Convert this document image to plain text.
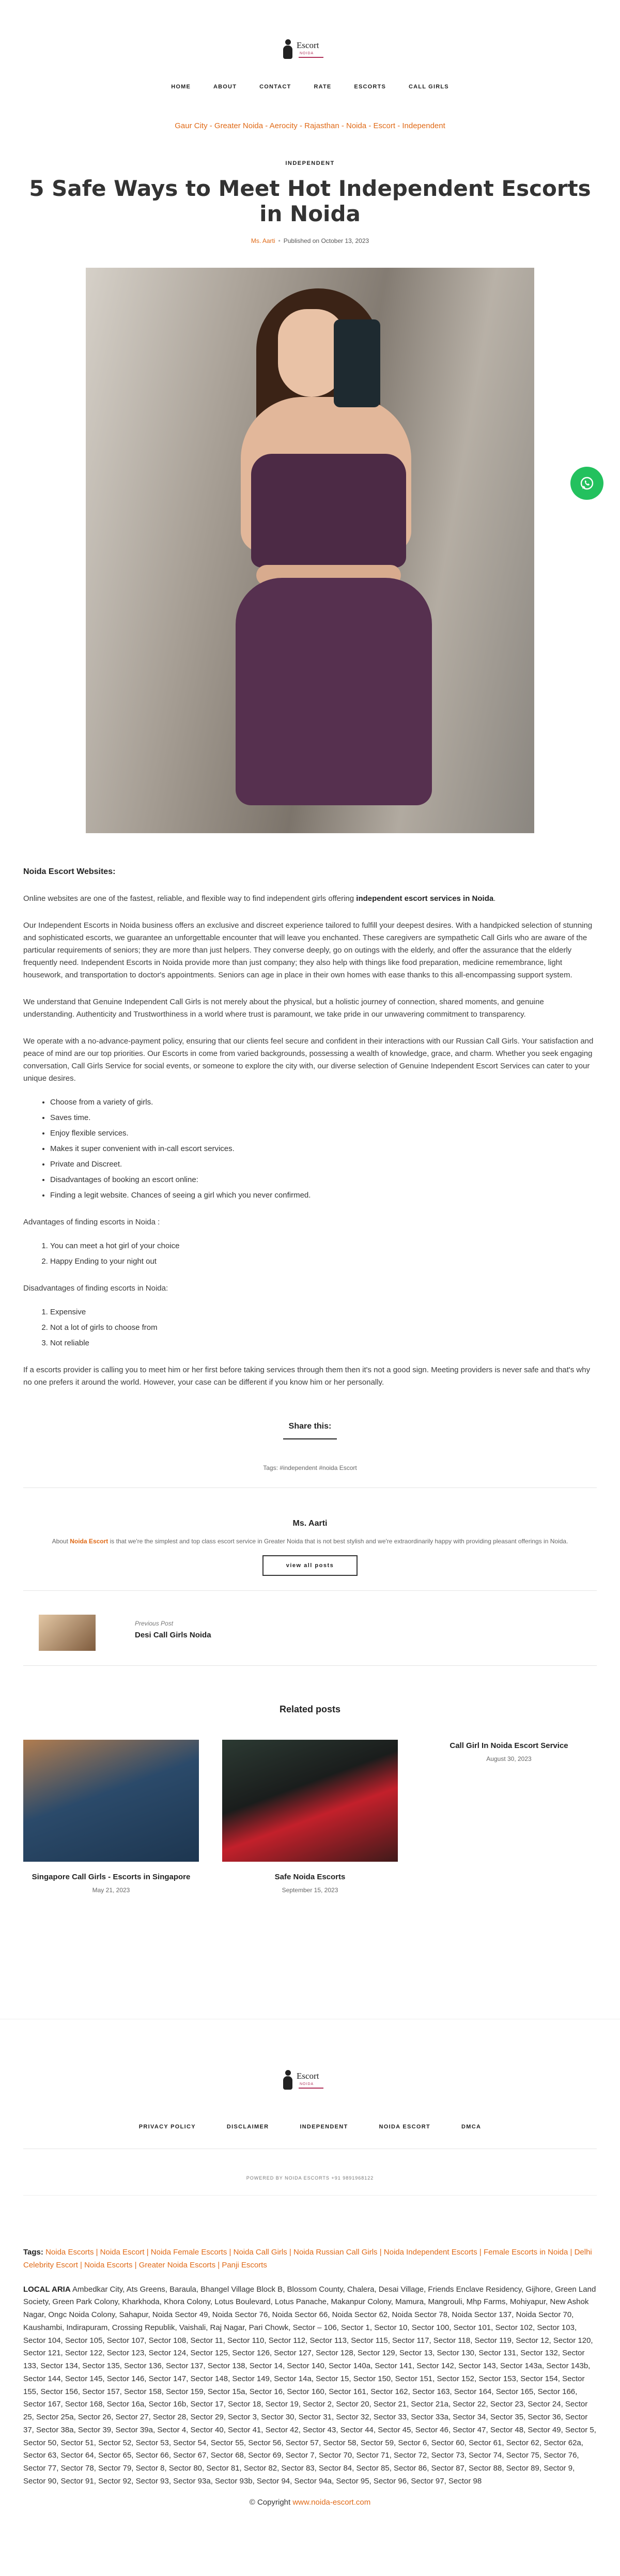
Escort
NOIDA
HOME	ABOUT	CONTACT	RATE	ESCORTS	CALL GIRLS
Gaur City - Greater Noida - Aerocity - Rajasthan - Noida - Escort - Independent
INDEPENDENT
5 Safe Ways to Meet Hot Independent Escorts in Noida
Ms. Aarti • Published on October 13, 2023
Noida Escort Websites:

Online websites are one of the fastest, reliable, and flexible way to find independent girls offering independent escort services in Noida.

Our Independent Escorts in Noida business offers an exclusive and discreet experience tailored to fulfill your deepest desires. With a handpicked selection of stunning and sophisticated escorts, we guarantee an unforgettable encounter that will leave you enchanted. These caregivers are sympathetic Call Girls who are aware of the particular requirements of seniors; they are more than just helpers. They converse deeply, go on outings with the elderly, and offer the assurance that the elderly frequently need. Independent Escorts in Noida provide more than just company; they also help with things like food preparation, medicine remembrance, light housework, and transportation to doctor's appointments. Seniors can age in place in their own homes with ease thanks to this all-encompassing support system.

We understand that Genuine Independent Call Girls is not merely about the physical, but a holistic journey of connection, shared moments, and genuine understanding. Authenticity and Trustworthiness in a world where trust is paramount, we take pride in our unwavering commitment to transparency.

We operate with a no-advance-payment policy, ensuring that our clients feel secure and confident in their interactions with our Russian Call Girls. Your satisfaction and peace of mind are our top priorities. Our Escorts in come from varied backgrounds, possessing a wealth of knowledge, grace, and charm. Whether you seek engaging conversation, Call Girls Service for social events, or someone to explore the city with, our diverse selection of Genuine Independent Escort Services can cater to your unique desires.

• Choose from a variety of girls.
• Saves time.
• Enjoy flexible services.
• Makes it super convenient with in-call escort services.
• Private and Discreet.
• Disadvantages of booking an escort online:
• Finding a legit website. Chances of seeing a girl which you never confirmed.

Advantages of finding escorts in Noida :

1. You can meet a hot girl of your choice
2. Happy Ending to your night out

Disadvantages of finding escorts in Noida:

1. Expensive
2. Not a lot of girls to choose from
3. Not reliable

If a escorts provider is calling you to meet him or her first before taking services through them then it's not a good sign. Meeting providers is never safe and that's why no one prefers it around the world. However, your case can be different if you know him or her personally.

Share this:
Tags: #independent #noida Escort
Ms. Aarti
About Noida Escort is that we're the simplest and top class escort service in Greater Noida that is not best stylish and we're extraordinarily happy with providing pleasant offerings in Noida.
view all posts
Previous Post
Desi Call Girls Noida
Related posts
Singapore Call Girls - Escorts in Singapore
May 21, 2023
Safe Noida Escorts
September 15, 2023
Call Girl In Noida Escort Service
August 30, 2023
Escort
NOIDA
PRIVACY POLICY	DISCLAIMER	INDEPENDENT	NOIDA ESCORT	DMCA
POWERED BY NOIDA ESCORTS +91 9891968122
Tags: Noida Escorts | Noida Escort | Noida Female Escorts | Noida Call Girls | Noida Russian Call Girls | Noida Independent Escorts | Female Escorts in Noida | Delhi Celebrity Escort | Noida Escorts | Greater Noida Escorts | Panji Escorts
LOCAL ARIA Ambedkar City, Ats Greens, Baraula, Bhangel Village Block B, Blossom County, Chalera, Desai Village, Friends Enclave Residency, Gijhore, Green Land Society, Green Park Colony, Kharkhoda, Khora Colony, Lotus Boulevard, Lotus Panache, Makanpur Colony, Mamura, Mangrouli, Mhp Farms, Mohiyapur, New Ashok Nagar, Ongc Noida Colony, Sahapur, Noida Sector 49, Noida Sector 76, Noida Sector 66, Noida Sector 62, Noida Sector 78, Noida Sector 137, Noida Sector 70, Kaushambi, Indirapuram, Crossing Republik, Vaishali, Raj Nagar, Pari Chowk, Sector – 106, Sector 1, Sector 10, Sector 100, Sector 101, Sector 102, Sector 103, Sector 104, Sector 105, Sector 107, Sector 108, Sector 11, Sector 110, Sector 112, Sector 113, Sector 115, Sector 117, Sector 118, Sector 119, Sector 12, Sector 120, Sector 121, Sector 122, Sector 123, Sector 124, Sector 125, Sector 126, Sector 127, Sector 128, Sector 129, Sector 13, Sector 130, Sector 131, Sector 132, Sector 133, Sector 134, Sector 135, Sector 136, Sector 137, Sector 138, Sector 14, Sector 140, Sector 140a, Sector 141, Sector 142, Sector 143, Sector 143a, Sector 143b, Sector 144, Sector 145, Sector 146, Sector 147, Sector 148, Sector 149, Sector 14a, Sector 15, Sector 150, Sector 151, Sector 152, Sector 153, Sector 154, Sector 155, Sector 156, Sector 157, Sector 158, Sector 159, Sector 15a, Sector 16, Sector 160, Sector 161, Sector 162, Sector 163, Sector 164, Sector 165, Sector 166, Sector 167, Sector 168, Sector 16a, Sector 16b, Sector 17, Sector 18, Sector 19, Sector 2, Sector 20, Sector 21, Sector 21a, Sector 22, Sector 23, Sector 24, Sector 25, Sector 25a, Sector 26, Sector 27, Sector 28, Sector 29, Sector 3, Sector 30, Sector 31, Sector 32, Sector 33, Sector 33a, Sector 34, Sector 35, Sector 36, Sector 37, Sector 38a, Sector 39, Sector 39a, Sector 4, Sector 40, Sector 41, Sector 42, Sector 43, Sector 44, Sector 45, Sector 46, Sector 47, Sector 48, Sector 49, Sector 5, Sector 50, Sector 51, Sector 52, Sector 53, Sector 54, Sector 55, Sector 56, Sector 57, Sector 58, Sector 59, Sector 6, Sector 60, Sector 61, Sector 62, Sector 62a, Sector 63, Sector 64, Sector 65, Sector 66, Sector 67, Sector 68, Sector 69, Sector 7, Sector 70, Sector 71, Sector 72, Sector 73, Sector 74, Sector 75, Sector 76, Sector 77, Sector 78, Sector 79, Sector 8, Sector 80, Sector 81, Sector 82, Sector 83, Sector 84, Sector 85, Sector 86, Sector 87, Sector 88, Sector 89, Sector 9, Sector 90, Sector 91, Sector 92, Sector 93, Sector 93a, Sector 93b, Sector 94, Sector 94a, Sector 95, Sector 96, Sector 97, Sector 98
© Copyright www.noida-escort.com
